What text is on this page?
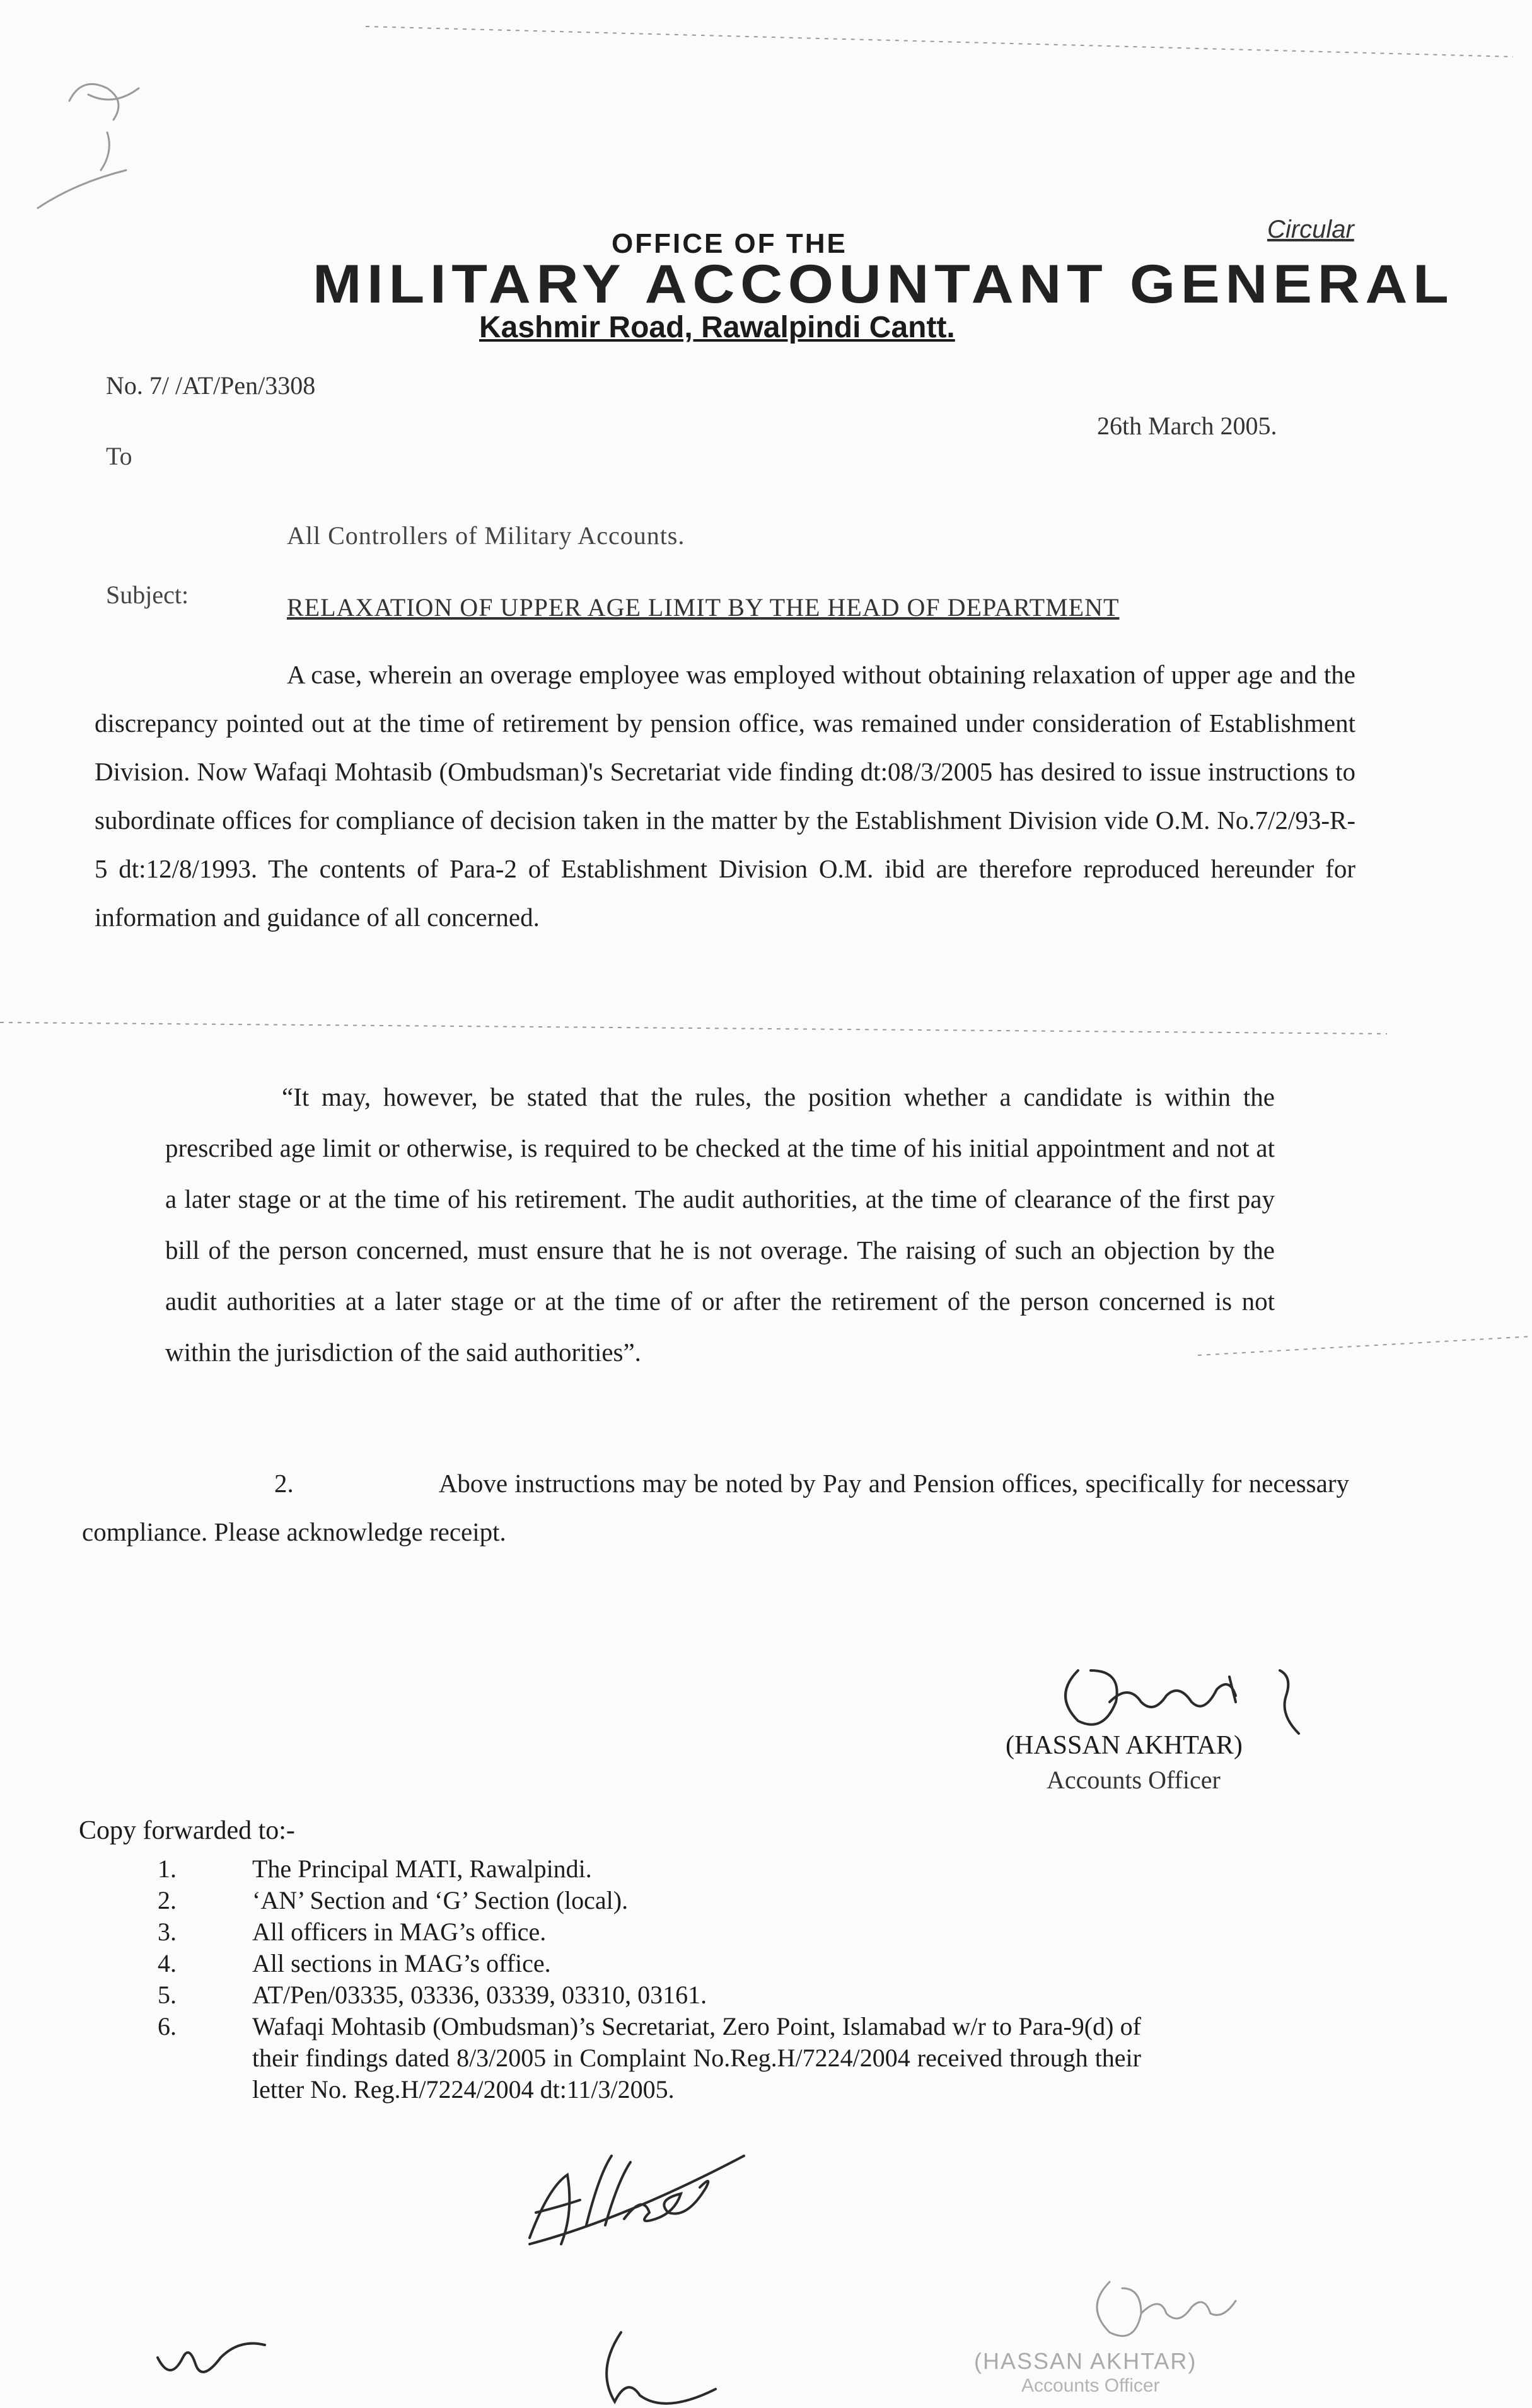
Circular
OFFICE OF THE
MILITARY ACCOUNTANT GENERAL
Kashmir Road, Rawalpindi Cantt.
No. 7/ /AT/Pen/3308
26th March 2005.
To
All Controllers of Military Accounts.
Subject:	RELAXATION OF UPPER AGE LIMIT BY THE HEAD OF DEPARTMENT
A case, wherein an overage employee was employed without obtaining relaxation of upper age and the discrepancy pointed out at the time of retirement by pension office, was remained under consideration of Establishment Division. Now Wafaqi Mohtasib (Ombudsman)'s Secretariat vide finding dt:08/3/2005 has desired to issue instructions to subordinate offices for compliance of decision taken in the matter by the Establishment Division vide O.M. No.7/2/93-R-5 dt:12/8/1993. The contents of Para-2 of Establishment Division O.M. ibid are therefore reproduced hereunder for information and guidance of all concerned.
“It may, however, be stated that the rules, the position whether a candidate is within the prescribed age limit or otherwise, is required to be checked at the time of his initial appointment and not at a later stage or at the time of his retirement. The audit authorities, at the time of clearance of the first pay bill of the person concerned, must ensure that he is not overage. The raising of such an objection by the audit authorities at a later stage or at the time of or after the retirement of the person concerned is not within the jurisdiction of the said authorities”.
2.	Above instructions may be noted by Pay and Pension offices, specifically for necessary compliance. Please acknowledge receipt.
(HASSAN AKHTAR)
Accounts Officer
Copy forwarded to:-
1.	The Principal MATI, Rawalpindi.
2.	‘AN’ Section and ‘G’ Section (local).
3.	All officers in MAG’s office.
4.	All sections in MAG’s office.
5.	AT/Pen/03335, 03336, 03339, 03310, 03161.
6.	Wafaqi Mohtasib (Ombudsman)’s Secretariat, Zero Point, Islamabad w/r to Para-9(d) of their findings dated 8/3/2005 in Complaint No.Reg.H/7224/2004 received through their letter No. Reg.H/7224/2004 dt:11/3/2005.
(HASSAN AKHTAR)
Accounts Officer
